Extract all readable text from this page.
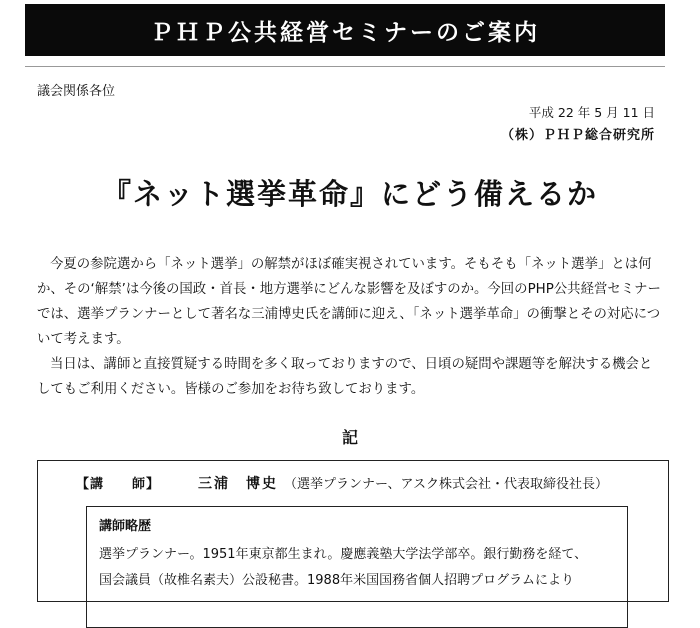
ＰＨＰ公共経営セミナーのご案内
議会関係各位
平成 22 年 5 月 11 日
（株）ＰＨＰ総合研究所
『ネット選挙革命』にどう備えるか

今夏の参院選から「ネット選挙」の解禁がほぼ確実視されています。そもそも「ネット選挙」とは何か、その‘解禁’は今後の国政・首長・地方選挙にどんな影響を及ぼすのか。今回のPHP公共経営セミナーでは、選挙プランナーとして著名な三浦博史氏を講師に迎え、「ネット選挙革命」の衝撃とその対応について考えます。

当日は、講師と直接質疑する時間を多く取っておりますので、日頃の疑問や課題等を解決する機会としてもご利用ください。皆様のご参加をお待ち致しております。

記
【講　　師】	三浦　博史 （選挙プランナー、アスク株式会社・代表取締役社長）
講師略歴
選挙プランナー。1951年東京都生まれ。慶應義塾大学法学部卒。銀行勤務を経て、
国会議員（故椎名素夫）公設秘書。1988年米国国務省個人招聘プログラムにより
